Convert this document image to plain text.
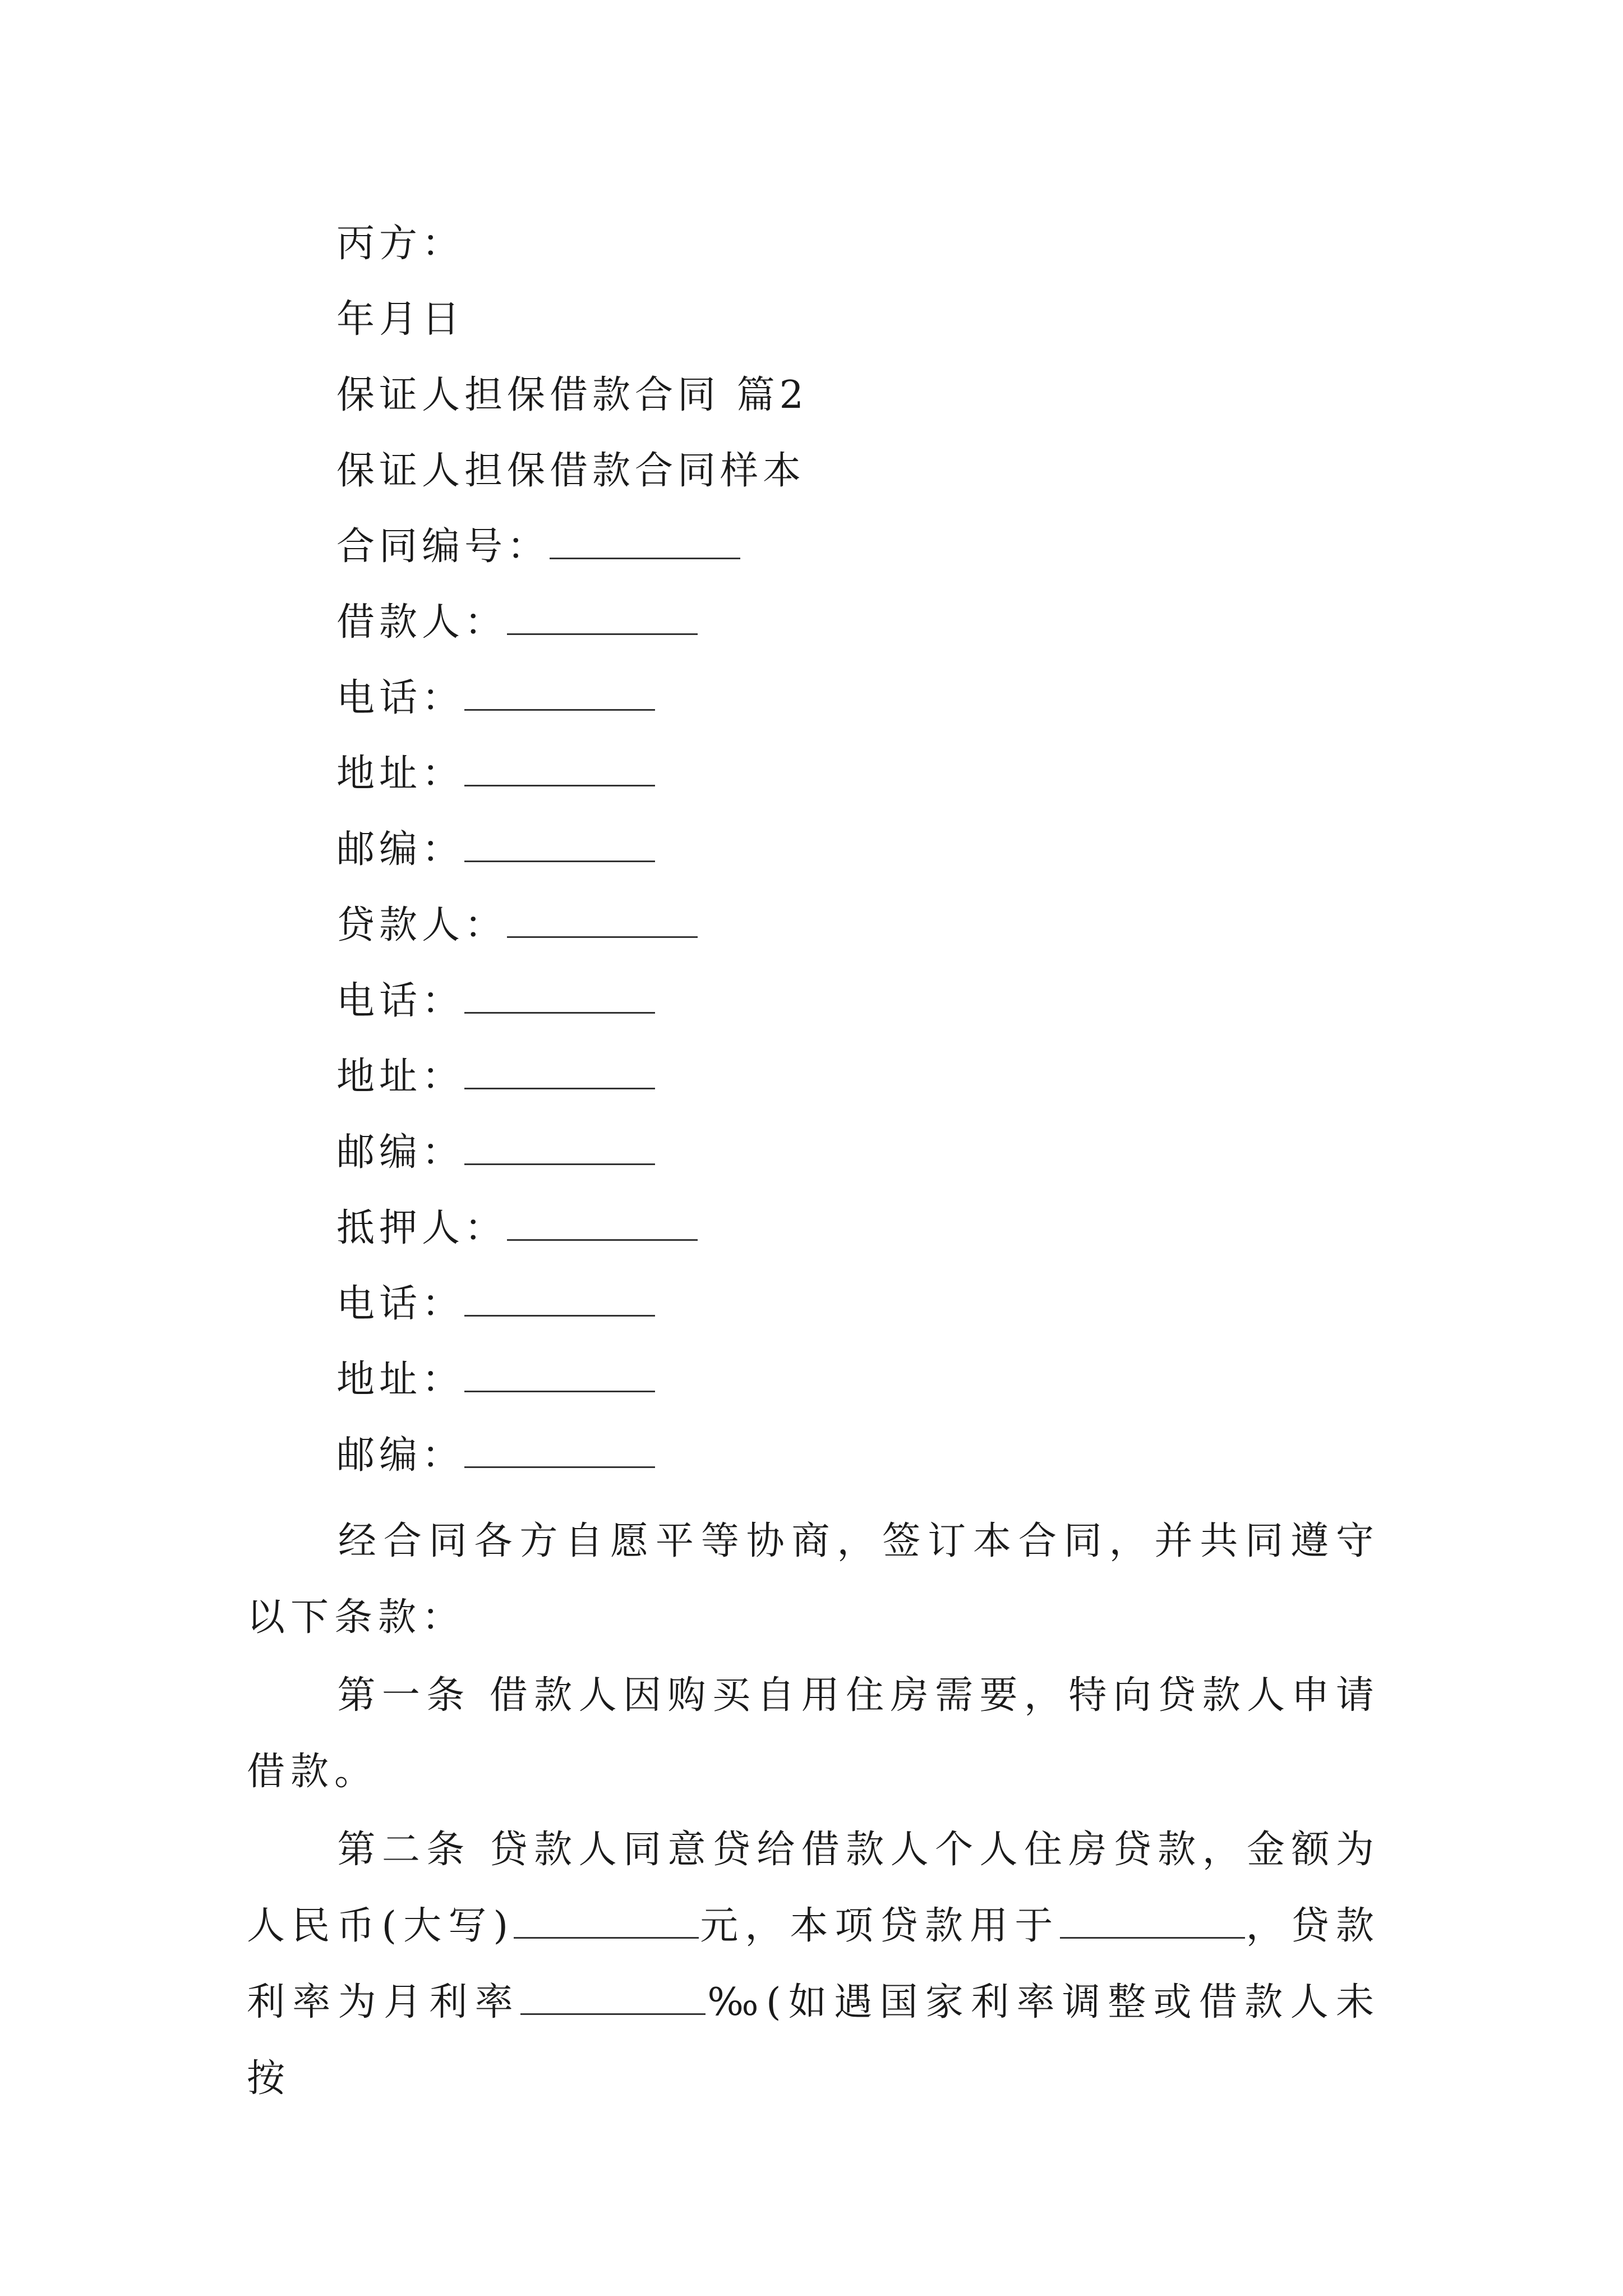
丙方：
年月日
保证人担保借款合同 篇2
保证人担保借款合同样本
合同编号：
借款人：
电话：
地址：
邮编：
贷款人：
电话：
地址：
邮编：
抵押人：
电话：
地址：
邮编：
经合同各方自愿平等协商，签订本合同，并共同遵守以下条款：
第一条 借款人因购买自用住房需要，特向贷款人申请借款。
第二条 贷款人同意贷给借款人个人住房贷款，金额为人民币(大写)	元，本项贷款用于	，贷款利率为月利率	‰(如遇国家利率调整或借款人未按
